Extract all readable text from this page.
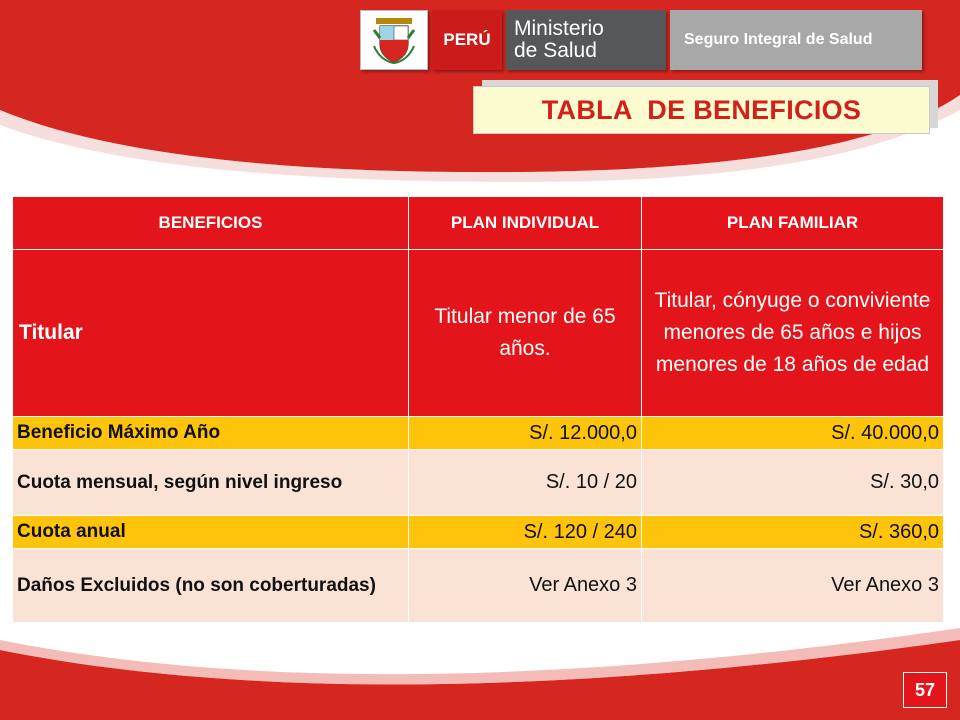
PERÚ	Ministerio
de Salud	Seguro Integral de Salud
TABLA  DE BENEFICIOS
BENEFICIOS	PLAN INDIVIDUAL	PLAN FAMILIAR
Titular	Titular menor de 65 años.	Titular, cónyuge o conviviente menores de 65 años e hijos menores de 18 años de edad
Beneficio Máximo Año	S/. 12.000,0	S/. 40.000,0
Cuota mensual, según nivel ingreso	S/. 10 / 20	S/. 30,0
Cuota anual	S/. 120 / 240	S/. 360,0
Daños Excluidos (no son coberturadas)	Ver Anexo 3	Ver Anexo 3
57
